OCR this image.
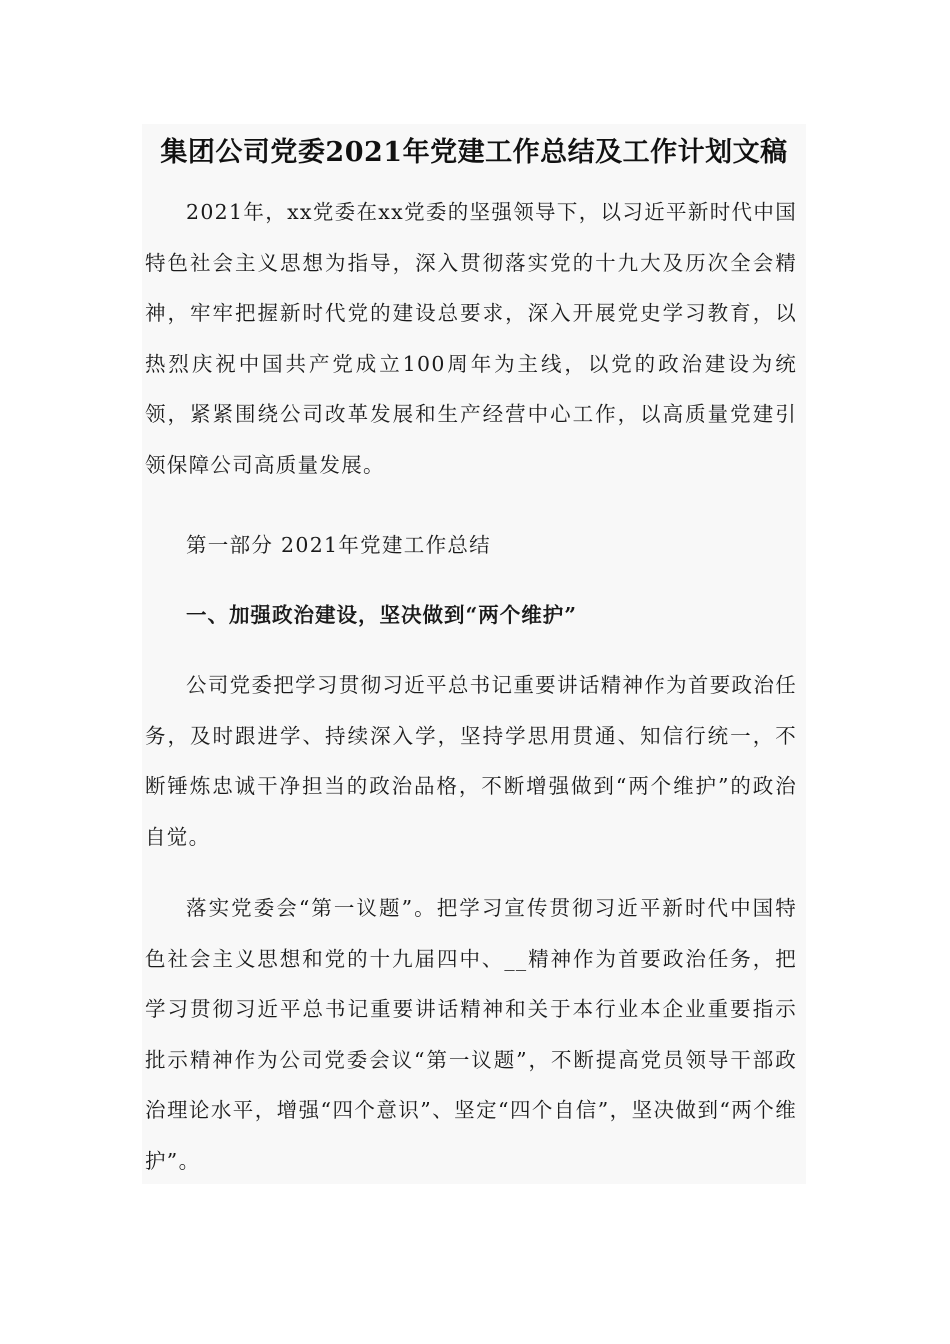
集团公司党委2021年党建工作总结及工作计划文稿

2021年，xx党委在xx党委的坚强领导下，以习近平新时代中国特色社会主义思想为指导，深入贯彻落实党的十九大及历次全会精神，牢牢把握新时代党的建设总要求，深入开展党史学习教育，以热烈庆祝中国共产党成立100周年为主线，以党的政治建设为统领，紧紧围绕公司改革发展和生产经营中心工作，以高质量党建引领保障公司高质量发展。

第一部分 2021年党建工作总结

一、加强政治建设，坚决做到“两个维护”

公司党委把学习贯彻习近平总书记重要讲话精神作为首要政治任务，及时跟进学、持续深入学，坚持学思用贯通、知信行统一，不断锤炼忠诚干净担当的政治品格，不断增强做到“两个维护”的政治自觉。

落实党委会“第一议题”。把学习宣传贯彻习近平新时代中国特色社会主义思想和党的十九届四中、__精神作为首要政治任务，把学习贯彻习近平总书记重要讲话精神和关于本行业本企业重要指示批示精神作为公司党委会议“第一议题”，不断提高党员领导干部政治理论水平，增强“四个意识”、坚定“四个自信”，坚决做到“两个维护”。
